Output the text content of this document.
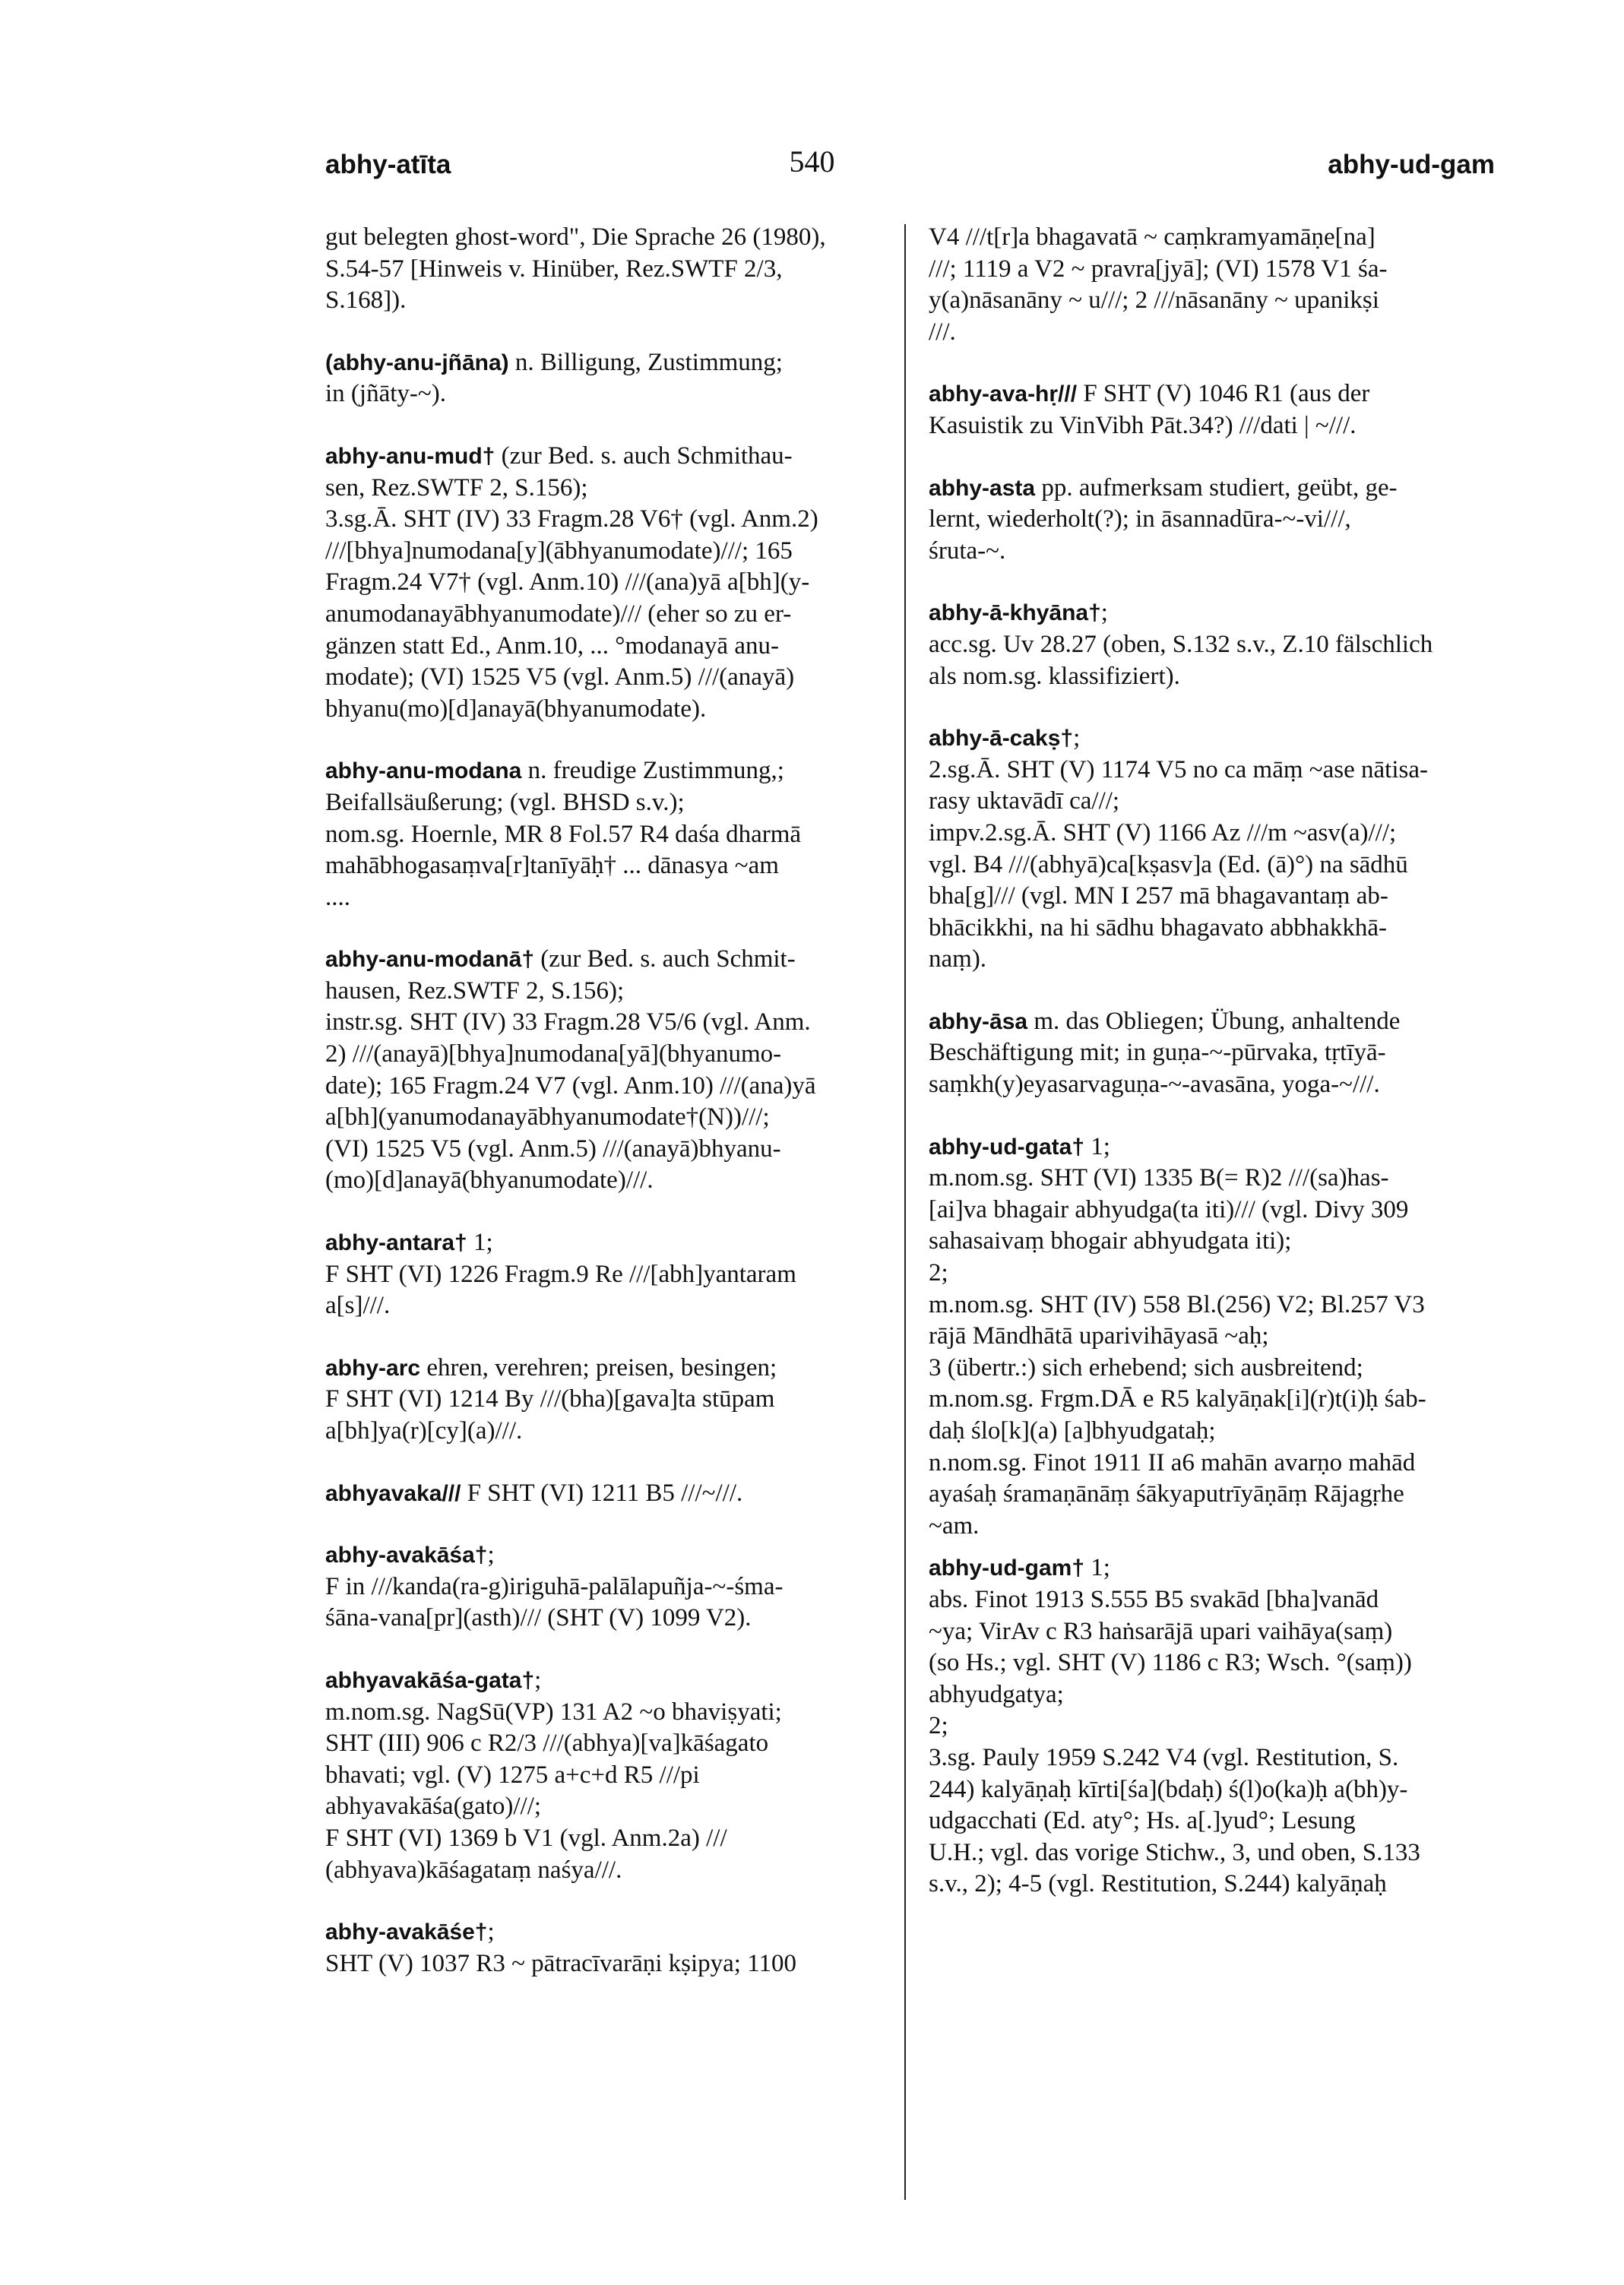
abhy-atīta	540	abhy-ud-gam
gut belegten ghost-word", Die Sprache 26 (1980),
S.54-57 [Hinweis v. Hinüber, Rez.SWTF 2/3,
S.168]).
(abhy-anu-jñāna) n. Billigung, Zustimmung;
in (jñāty-~).
abhy-anu-mud† (zur Bed. s. auch Schmithau-
sen, Rez.SWTF 2, S.156);
3.sg.Ā. SHT (IV) 33 Fragm.28 V6† (vgl. Anm.2)
///[bhya]numodana[y](ābhyanumodate)///; 165
Fragm.24 V7† (vgl. Anm.10) ///(ana)yā a[bh](y-
anumodanayābhyanumodate)/// (eher so zu er-
gänzen statt Ed., Anm.10, ... °modanayā anu-
modate); (VI) 1525 V5 (vgl. Anm.5) ///(anayā)
bhyanu(mo)[d]anayā(bhyanumodate).
abhy-anu-modana n. freudige Zustimmung,;
Beifallsäußerung; (vgl. BHSD s.v.);
nom.sg. Hoernle, MR 8 Fol.57 R4 daśa dharmā
mahābhogasaṃva[r]tanīyāḥ† ... dānasya ~am
....
abhy-anu-modanā† (zur Bed. s. auch Schmit-
hausen, Rez.SWTF 2, S.156);
instr.sg. SHT (IV) 33 Fragm.28 V5/6 (vgl. Anm.
2) ///(anayā)[bhya]numodana[yā](bhyanumo-
date); 165 Fragm.24 V7 (vgl. Anm.10) ///(ana)yā
a[bh](yanumodanayābhyanumodate†(N))///;
(VI) 1525 V5 (vgl. Anm.5) ///(anayā)bhyanu-
(mo)[d]anayā(bhyanumodate)///.
abhy-antara† 1;
F SHT (VI) 1226 Fragm.9 Re ///[abh]yantaram
a[s]///.
abhy-arc ehren, verehren; preisen, besingen;
F SHT (VI) 1214 By ///(bha)[gava]ta stūpam
a[bh]ya(r)[cy](a)///.
abhyavaka/// F SHT (VI) 1211 B5 ///~///.
abhy-avakāśa†;
F in ///kanda(ra-g)iriguhā-palālapuñja-~-śma-
śāna-vana[pr](asth)/// (SHT (V) 1099 V2).
abhyavakāśa-gata†;
m.nom.sg. NagSū(VP) 131 A2 ~o bhaviṣyati;
SHT (III) 906 c R2/3 ///(abhya)[va]kāśagato
bhavati; vgl. (V) 1275 a+c+d R5 ///pi
abhyavakāśa(gato)///;
F SHT (VI) 1369 b V1 (vgl. Anm.2a) ///
(abhyava)kāśagataṃ naśya///.
abhy-avakāśe†;
SHT (V) 1037 R3 ~ pātracīvarāṇi kṣipya; 1100
V4 ///t[r]a bhagavatā ~ caṃkramyamāṇe[na]
///; 1119 a V2 ~ pravra[jyā]; (VI) 1578 V1 śa-
y(a)nāsanāny ~ u///; 2 ///nāsanāny ~ upanikṣi
///.
abhy-ava-hṛ/// F SHT (V) 1046 R1 (aus der
Kasuistik zu VinVibh Pāt.34?) ///dati | ~///.
abhy-asta pp. aufmerksam studiert, geübt, ge-
lernt, wiederholt(?); in āsannadūra-~-vi///,
śruta-~.
abhy-ā-khyāna†;
acc.sg. Uv 28.27 (oben, S.132 s.v., Z.10 fälschlich
als nom.sg. klassifiziert).
abhy-ā-cakṣ†;
2.sg.Ā. SHT (V) 1174 V5 no ca māṃ ~ase nātisa-
rasy uktavādī ca///;
impv.2.sg.Ā. SHT (V) 1166 Az ///m ~asv(a)///;
vgl. B4 ///(abhyā)ca[kṣasv]a (Ed. (ā)°) na sādhū
bha[g]/// (vgl. MN I 257 mā bhagavantaṃ ab-
bhācikkhi, na hi sādhu bhagavato abbhakkhā-
naṃ).
abhy-āsa m. das Obliegen; Übung, anhaltende
Beschäftigung mit; in guṇa-~-pūrvaka, tṛtīyā-
saṃkh(y)eyasarvaguṇa-~-avasāna, yoga-~///.
abhy-ud-gata† 1;
m.nom.sg. SHT (VI) 1335 B(= R)2 ///(sa)has-
[ai]va bhagair abhyudga(ta iti)/// (vgl. Divy 309
sahasaivaṃ bhogair abhyudgata iti);
2;
m.nom.sg. SHT (IV) 558 Bl.(256) V2; Bl.257 V3
rājā Māndhātā uparivihāyasā ~aḥ;
3 (übertr.:) sich erhebend; sich ausbreitend;
m.nom.sg. Frgm.DĀ e R5 kalyāṇak[i](r)t(i)ḥ śab-
daḥ ślo[k](a) [a]bhyudgataḥ;
n.nom.sg. Finot 1911 II a6 mahān avarṇo mahād
ayaśaḥ śramaṇānāṃ śākyaputrīyāṇāṃ Rājagṛhe
~am.
abhy-ud-gam† 1;
abs. Finot 1913 S.555 B5 svakād [bha]vanād
~ya; VirAv c R3 haṅsarājā upari vaihāya(saṃ)
(so Hs.; vgl. SHT (V) 1186 c R3; Wsch. °(saṃ))
abhyudgatya;
2;
3.sg. Pauly 1959 S.242 V4 (vgl. Restitution, S.
244) kalyāṇaḥ kīrti[śa](bdaḥ) ś(l)o(ka)ḥ a(bh)y-
udgacchati (Ed. aty°; Hs. a[.]yud°; Lesung
U.H.; vgl. das vorige Stichw., 3, und oben, S.133
s.v., 2); 4-5 (vgl. Restitution, S.244) kalyāṇaḥ
